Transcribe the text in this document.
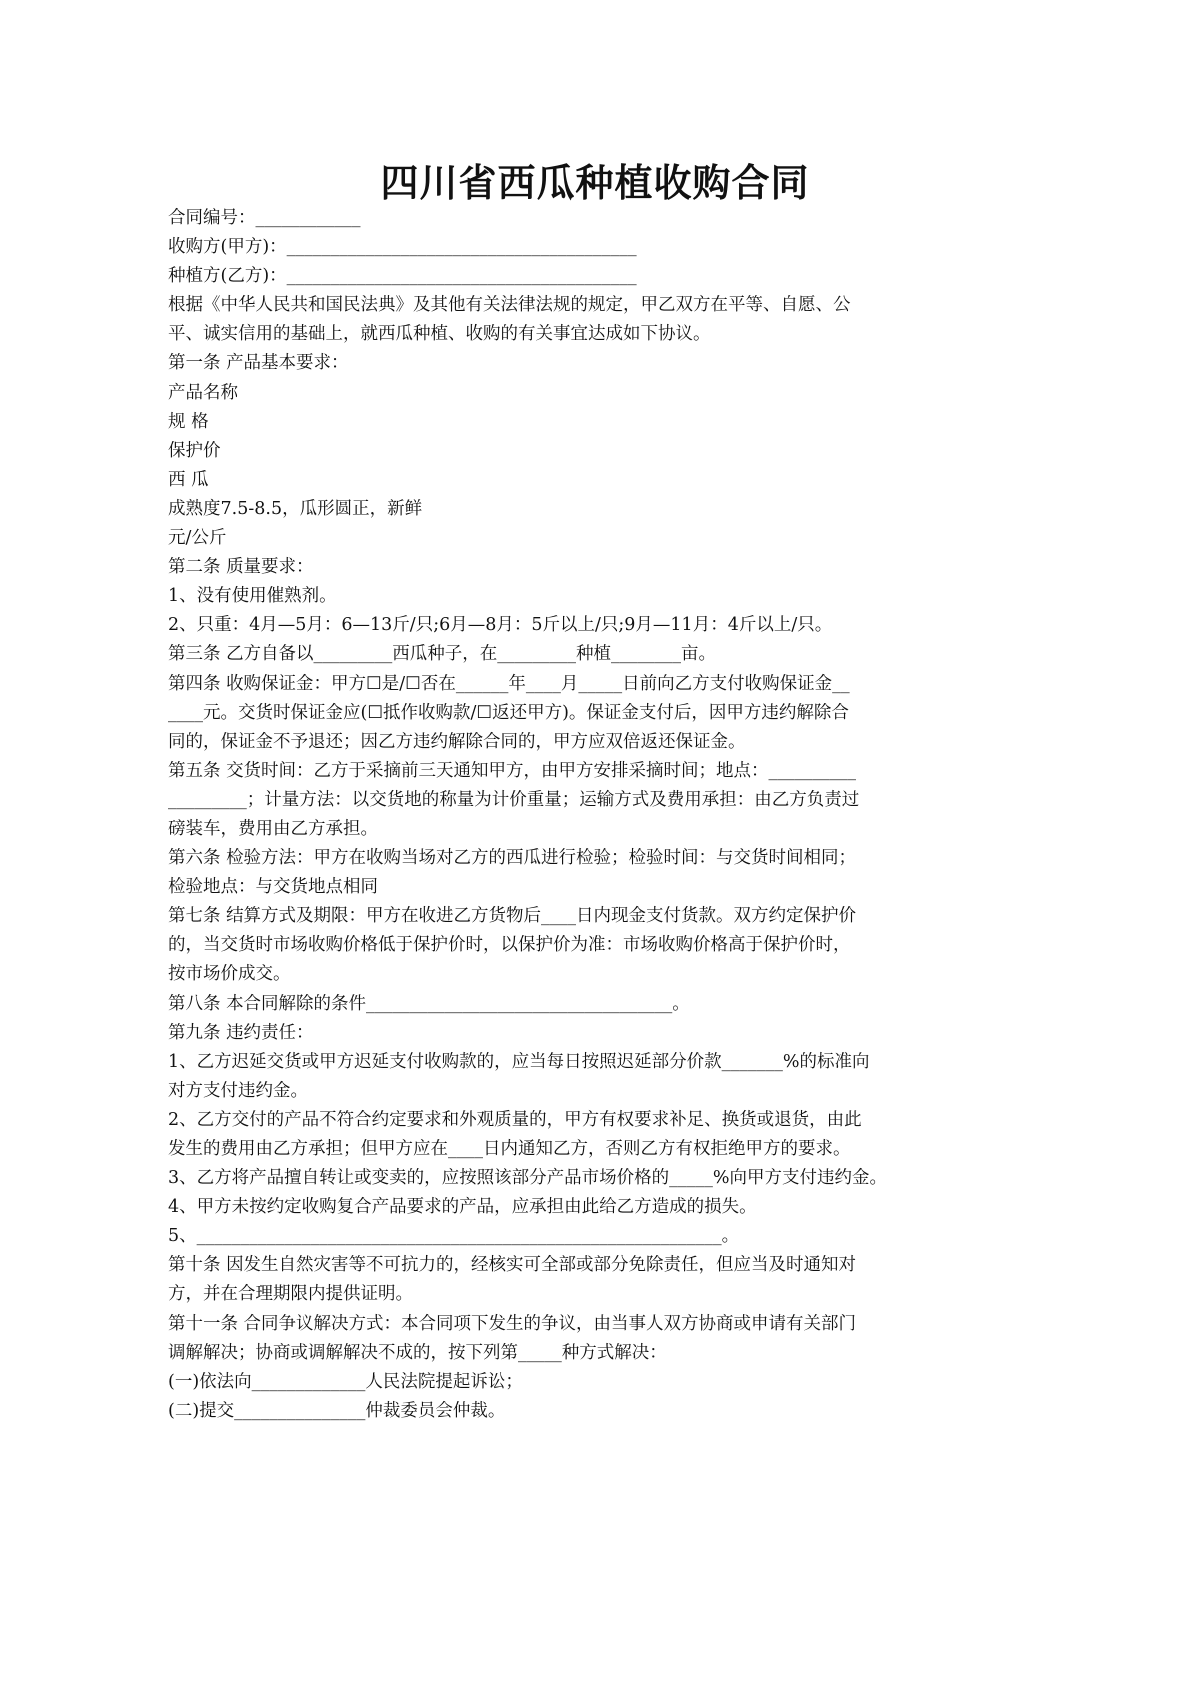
四川省西瓜种植收购合同
合同编号：____________
收购方(甲方)：________________________________________
种植方(乙方)：________________________________________
根据《中华人民共和国民法典》及其他有关法律法规的规定，甲乙双方在平等、自愿、公
平、诚实信用的基础上，就西瓜种植、收购的有关事宜达成如下协议。
第一条 产品基本要求：
产品名称
规 格
保护价
西 瓜
成熟度7.5-8.5，瓜形圆正，新鲜
元/公斤
第二条 质量要求：
1、没有使用催熟剂。
2、只重：4月—5月：6—13斤/只;6月—8月：5斤以上/只;9月—11月：4斤以上/只。
第三条 乙方自备以_________西瓜种子，在_________种植________亩。
第四条 收购保证金：甲方☐是/☐否在______年____月_____日前向乙方支付收购保证金__
____元。交货时保证金应(☐抵作收购款/☐返还甲方)。保证金支付后，因甲方违约解除合
同的，保证金不予退还；因乙方违约解除合同的，甲方应双倍返还保证金。
第五条 交货时间：乙方于采摘前三天通知甲方，由甲方安排采摘时间；地点：__________
_________；计量方法：以交货地的称量为计价重量；运输方式及费用承担：由乙方负责过
磅装车，费用由乙方承担。
第六条 检验方法：甲方在收购当场对乙方的西瓜进行检验；检验时间：与交货时间相同；
检验地点：与交货地点相同
第七条 结算方式及期限：甲方在收进乙方货物后____日内现金支付货款。双方约定保护价
的，当交货时市场收购价格低于保护价时，以保护价为准：市场收购价格高于保护价时，
按市场价成交。
第八条 本合同解除的条件___________________________________。
第九条 违约责任：
1、乙方迟延交货或甲方迟延支付收购款的，应当每日按照迟延部分价款_______%的标准向
对方支付违约金。
2、乙方交付的产品不符合约定要求和外观质量的，甲方有权要求补足、换货或退货，由此
发生的费用由乙方承担；但甲方应在____日内通知乙方，否则乙方有权拒绝甲方的要求。
3、乙方将产品擅自转让或变卖的，应按照该部分产品市场价格的_____%向甲方支付违约金。
4、甲方未按约定收购复合产品要求的产品，应承担由此给乙方造成的损失。
5、____________________________________________________________。
第十条 因发生自然灾害等不可抗力的，经核实可全部或部分免除责任，但应当及时通知对
方，并在合理期限内提供证明。
第十一条 合同争议解决方式：本合同项下发生的争议，由当事人双方协商或申请有关部门
调解解决；协商或调解解决不成的，按下列第_____种方式解决：
(一)依法向_____________人民法院提起诉讼；
(二)提交_______________仲裁委员会仲裁。
